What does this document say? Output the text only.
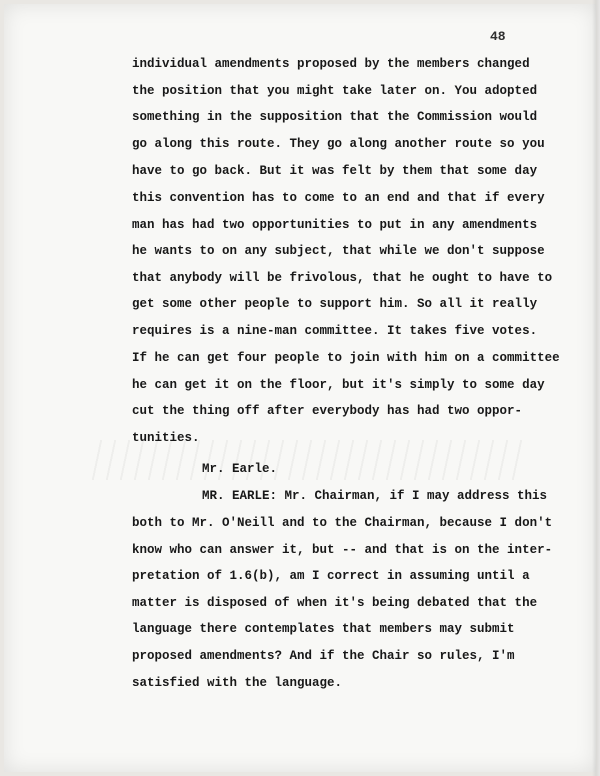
48
individual amendments proposed by the members changed
the position that you might take later on. You adopted
something in the supposition that the Commission would
go along this route. They go along another route so you
have to go back. But it was felt by them that some day
this convention has to come to an end and that if every
man has had two opportunities to put in any amendments
he wants to on any subject, that while we don't suppose
that anybody will be frivolous, that he ought to have to
get some other people to support him. So all it really
requires is a nine-man committee. It takes five votes.
If he can get four people to join with him on a committee
he can get it on the floor, but it's simply to some day
cut the thing off after everybody has had two oppor-
tunities.
Mr. Earle.
MR. EARLE: Mr. Chairman, if I may address this
both to Mr. O'Neill and to the Chairman, because I don't
know who can answer it, but -- and that is on the inter-
pretation of 1.6(b), am I correct in assuming until a
matter is disposed of when it's being debated that the
language there contemplates that members may submit
proposed amendments? And if the Chair so rules, I'm
satisfied with the language.
